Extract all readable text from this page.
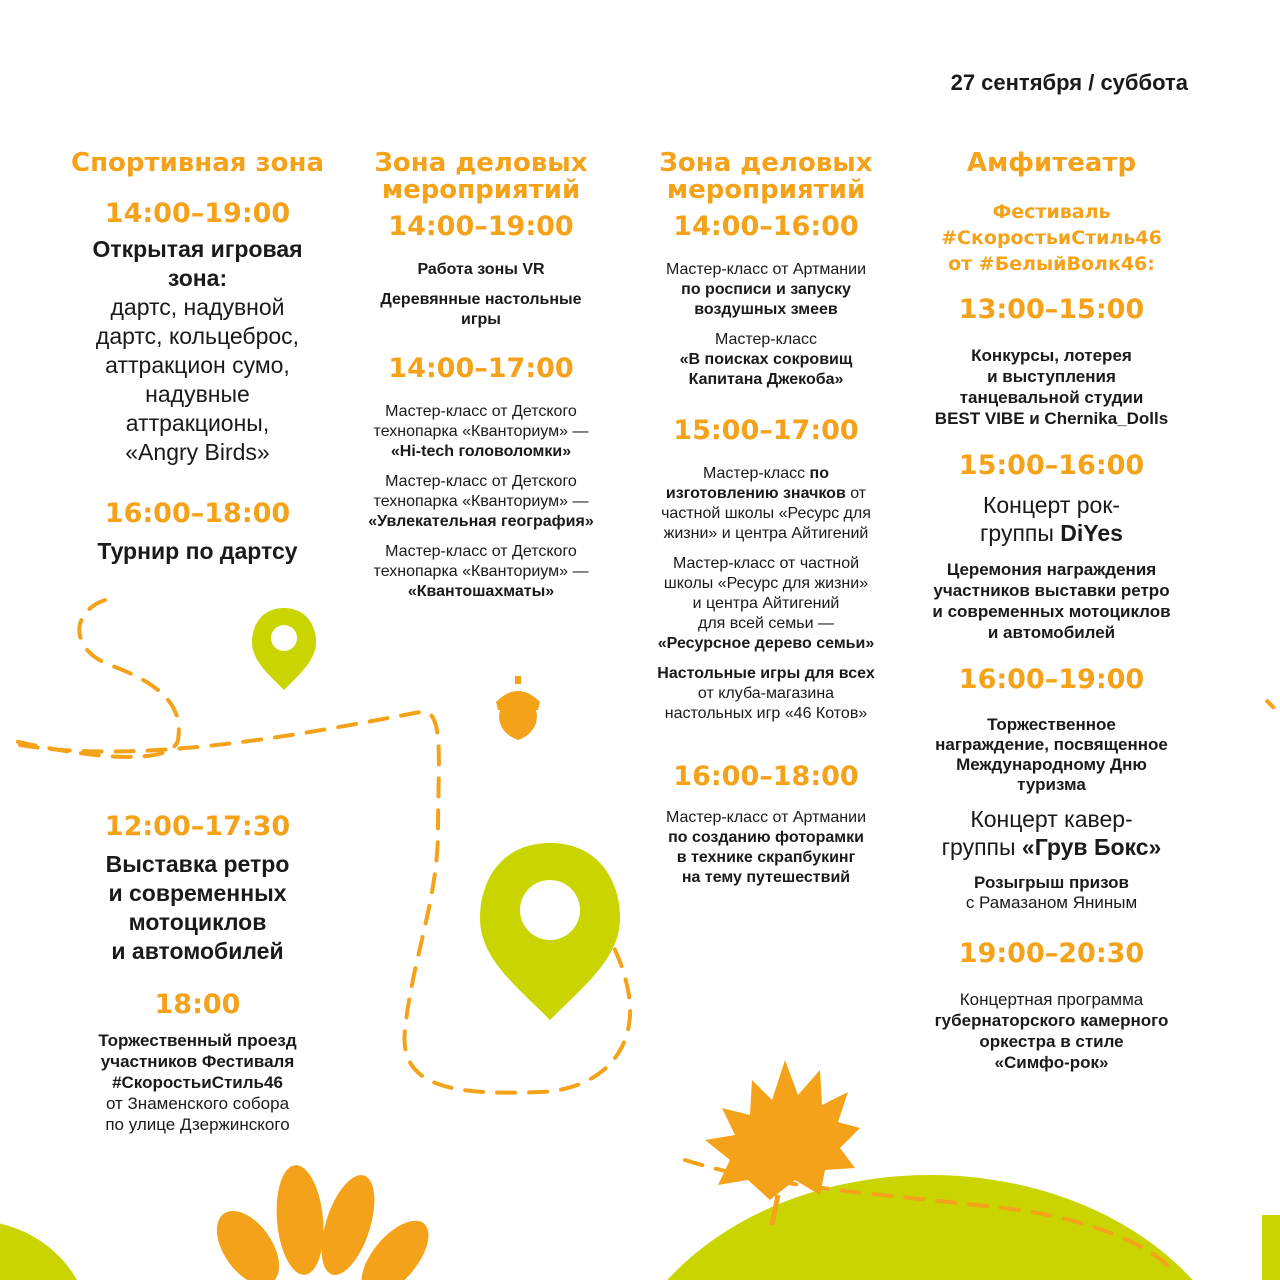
27 сентября / суббота
Спортивная зона
14:00–19:00
Открытая игровая
зона:
дартс, надувной
дартс, кольцеброс,
аттракцион сумо,
надувные
аттракционы,
«Angry Birds»
16:00–18:00
Турнир по дартсу
12:00–17:30
Выставка ретро
и современных
мотоциклов
и автомобилей
18:00
Торжественный проезд
участников Фестиваля
#СкоростьиСтиль46
от Знаменского собора
по улице Дзержинского
Зона деловых
мероприятий
14:00–19:00
Работа зоны VR
Деревянные настольные
игры
14:00–17:00
Мастер-класс от Детского
технопарка «Кванториум» —
«Hi-tech головоломки»
Мастер-класс от Детского
технопарка «Кванториум» —
«Увлекательная география»
Мастер-класс от Детского
технопарка «Кванториум» —
«Квантошахматы»
Зона деловых
мероприятий
14:00–16:00
Мастер-класс от Артмании
по росписи и запуску
воздушных змеев
Мастер-класс
«В поисках сокровищ
Капитана Джекоба»
15:00–17:00
Мастер-класс по
изготовлению значков от
частной школы «Ресурс для
жизни» и центра Айтигений
Мастер-класс от частной
школы «Ресурс для жизни»
и центра Айтигений
для всей семьи —
«Ресурсное дерево семьи»
Настольные игры для всех
от клуба-магазина
настольных игр «46 Котов»
16:00–18:00
Мастер-класс от Артмании
по созданию фоторамки
в технике скрапбукинг
на тему путешествий
Амфитеатр
Фестиваль
#СкоростьиСтиль46
от #БелыйВолк46:
13:00–15:00
Конкурсы, лотерея
и выступления
танцевальной студии
BEST VIBE и Chernika_Dolls
15:00–16:00
Концерт рок-
группы DiYes
Церемония награждения
участников выставки ретро
и современных мотоциклов
и автомобилей
16:00–19:00
Торжественное
награждение, посвященное
Международному Дню
туризма
Концерт кавер-
группы «Грув Бокс»
Розыгрыш призов
с Рамазаном Яниным
19:00–20:30
Концертная программа
губернаторского камерного
оркестра в стиле
«Симфо-рок»
